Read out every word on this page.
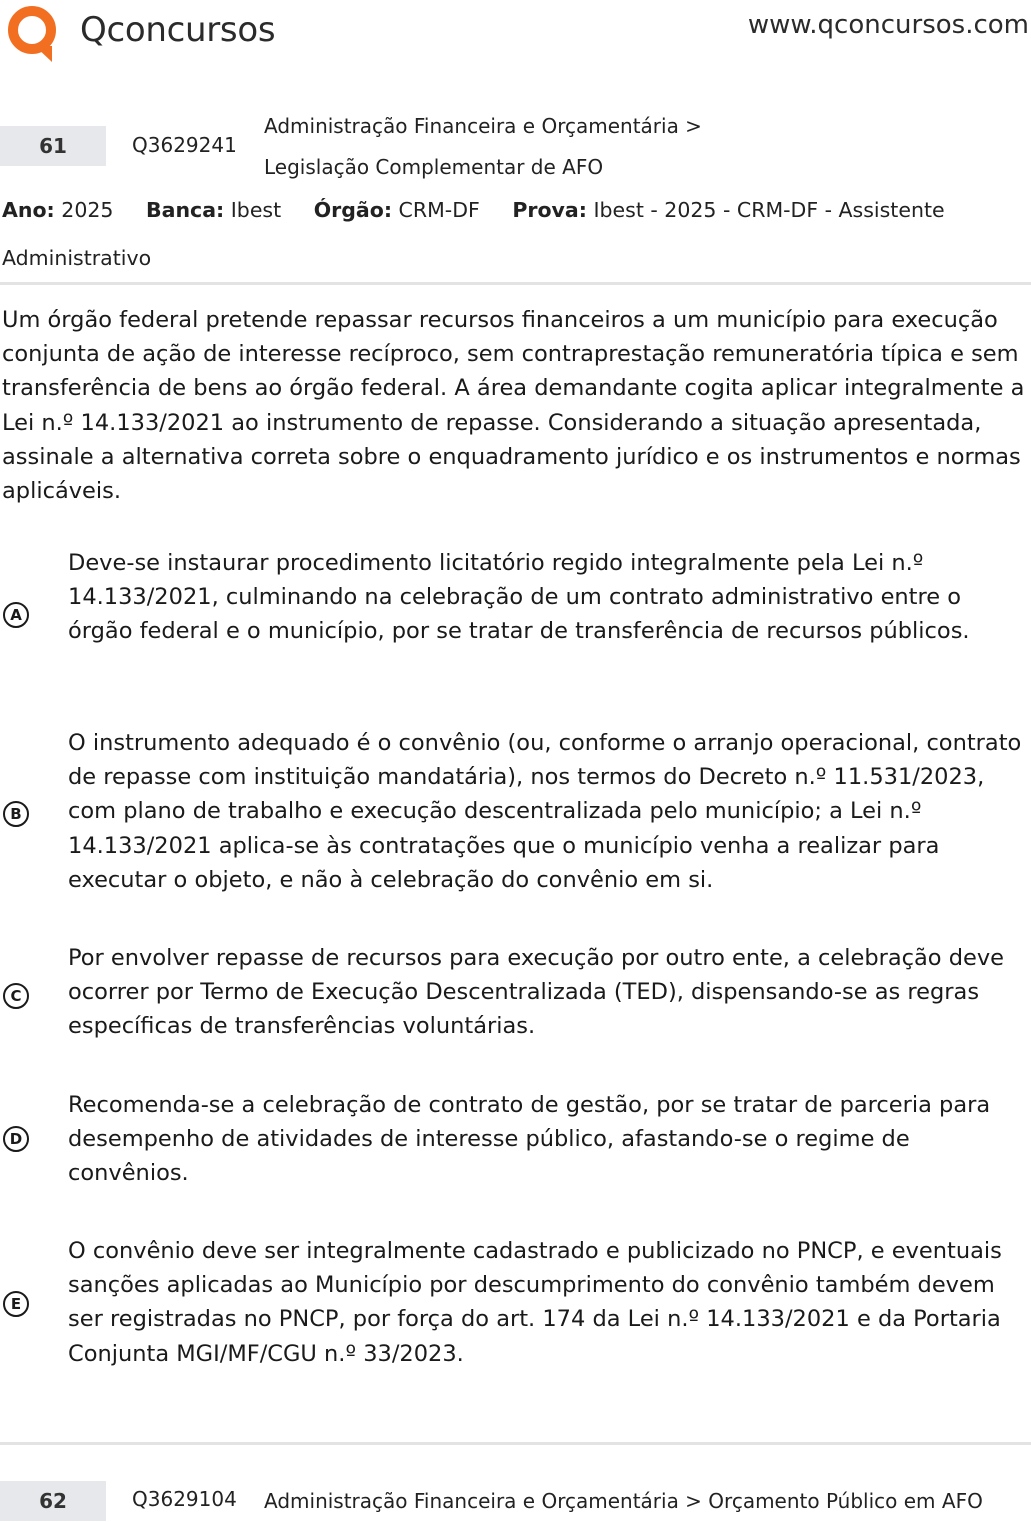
Qconcursos	www.qconcursos.com
61	Q3629241
Administração Financeira e Orçamentária >
Legislação Complementar de AFO
Ano: 2025 Banca: Ibest Órgão: CRM-DF Prova: Ibest - 2025 - CRM-DF - Assistente Administrativo
Um órgão federal pretende repassar recursos financeiros a um município para execução conjunta de ação de interesse recíproco, sem contraprestação remuneratória típica e sem transferência de bens ao órgão federal. A área demandante cogita aplicar integralmente a Lei n.º 14.133/2021 ao instrumento de repasse. Considerando a situação apresentada, assinale a alternativa correta sobre o enquadramento jurídico e os instrumentos e normas aplicáveis.
A
Deve-se instaurar procedimento licitatório regido integralmente pela Lei n.º 14.133/2021, culminando na celebração de um contrato administrativo entre o órgão federal e o município, por se tratar de transferência de recursos públicos.
B
O instrumento adequado é o convênio (ou, conforme o arranjo operacional, contrato de repasse com instituição mandatária), nos termos do Decreto n.º 11.531/2023, com plano de trabalho e execução descentralizada pelo município; a Lei n.º 14.133/2021 aplica-se às contratações que o município venha a realizar para executar o objeto, e não à celebração do convênio em si.
C
Por envolver repasse de recursos para execução por outro ente, a celebração deve ocorrer por Termo de Execução Descentralizada (TED), dispensando-se as regras específicas de transferências voluntárias.
D
Recomenda-se a celebração de contrato de gestão, por se tratar de parceria para desempenho de atividades de interesse público, afastando-se o regime de convênios.
E
O convênio deve ser integralmente cadastrado e publicizado no PNCP, e eventuais sanções aplicadas ao Município por descumprimento do convênio também devem ser registradas no PNCP, por força do art. 174 da Lei n.º 14.133/2021 e da Portaria Conjunta MGI/MF/CGU n.º 33/2023.
62	Q3629104 Administração Financeira e Orçamentária > Orçamento Público em AFO
